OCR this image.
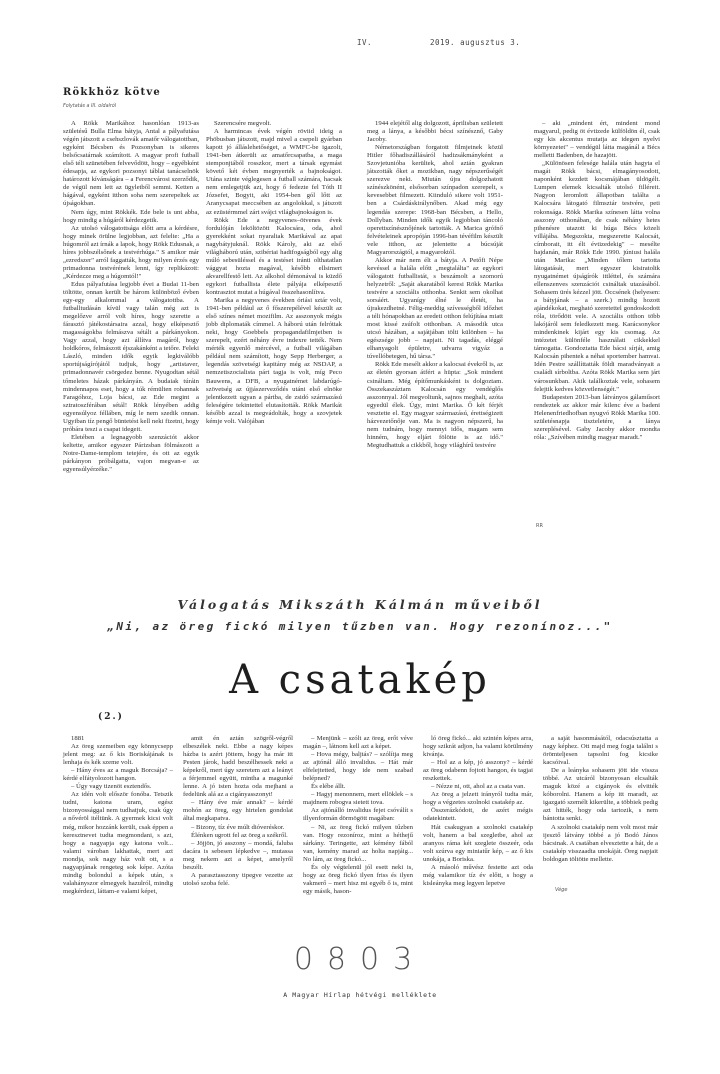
IV.	2019. augusztus 3.
Rökkhöz kötve
Folytatás a III. oldalról

A Rökk Marikához hasonlóan 1913-as születésű Bulla Elma bátyja, Antal a pályafutása végén játszott a csehszlovák amatőr válogatottban, egyként Bécsben és Pozsonyban is sikeres belsőcsatárnak számított. A magyar profi futball első téli szünetében felvevődött, hogy – egyébként édesapja, az egykori pozsonyi táblai tanácselnök határozott kívánságára – a Ferencvárosi szerződik, de végül nem lett az ügyletből semmi. Ketten a hágával, egyként itthon soha nem szerepeltek az újságokban.

Nem úgy, mint Rökkék. Ede bele is unt abba, hogy mindig a húgáról kérdezgetik.

Az utolsó válogatottsága előtt arra a kérdésre, hogy minek örülne legjobban, azt felelte: „Ha a húgomról azt írnák a lapok, hogy Rökk Edusnak, a híres jobbszélsőnek a testvérhúga." S amikor már „ezredszer" arról faggatták, hogy milyen érzés egy primadonna testvérének lenni, így replikázott: „Kérdezze meg a húgomtól!"

Edus pályafutása legjobb évei a Budai 11-ben töltötte, onnan került be három különböző évben egy-egy alkalommal a válogatottba. A futballtudásán kívül vagy talán még azt is megelőzve arról volt híres, hogy szerette a fárasztó játékostársaira azzal, hogy elképesztő magasságokba felmászva sétált a párkányokon. Vagy azzal, hogy azt állítva magáról, hogy holdkóros, felmászott éjszakánként a tetőre. Feleki László, minden idők egyik legkiválóbb sportújságírójától tudjuk, hogy „artistaver, primadonnavér csörgedez benne. Nyugodtan sétál tőmeletes házak párkányán. A budaiak túráin mindennapos eset, hogy a túk rémülten rohannak Faragóhoz, Loja bácsi, az Ede megint a sztratoszférában sétál! Rökk lényében addig egyensúlyoz félláben, míg le nem szedik onnan. Ugyiban tíz pengő büntetést kell neki fizetni, hogy próbára teszi a csapat idegeit.

Eletében a legnagyobb szenzációt akkor keltette, amikor egyszer Párizsban fölmászott a Notre-Dame-templom tetejére, és ott az egyik párkányon próbálgatta, vajon megvan-e az egyensúlyérzéke."

Szerencsére megvolt.

A harmincas évek végén röviid ideig a Phöbusban játszott, majd mivel a csepeli gyárban kapott jó álláslehetőséget, a WMFC-be igazolt, 1941-ben átkerült az amatőrcsapatba, a maga stemponjtából rosszkor, mert a társak egymást követő két évben megnyerték a bajnokságot. Utána szinte véglegesen a futball számára, hacsak nem emlegetjük azt, hogy ő fedezte fel Tóth II Józsefet, Bogyit, aki 1954-ben gól lőtt az Aranycsapat meccsében az angolokkal, s játszott az ezüstérmmel zárt svájci világbajnokságon is.

Rökk Ede a negyvenes–ötvenes évek fordulóján leköltözött Kalocsára, oda, ahol gyerekként sokat nyaraltak Marikával az apai nagybátyjuknál. Rökk Károly, aki az első világháború után, szibériai hadifogságból egy alig múló sebesüléssel és a testéset iránti olthatatlan vággyat hozta magával, később ellsimert akvarellfestő lett. Az alkohol démonával is küzdő egykori futballista élete pályája elképesztő kontrasztot mutat a húgával összehasonlítva.

Marika a negyvenes években óriási sztár volt, 1941-ben például az ő főszerepélével készült az első színes német mozifilm. Az asszonyok mégis jobb diplomaták címmel. A háború után felróttak neki, hogy Goebbels propagandafilmjeiben is szerepelt, ezért néhány évre indexre tették. Nem mérték egyenlő mércével, a futball világában például nem számított, hogy Sepp Herberger, a legendás szövetségi kapitány még az NSDAP, a nemzetiszocialista párt tagja is volt, míg Peco Bauwens, a DFB, a nyugatnémet labdarúgó-szövetség az újjászerveződés utáni első elnöke jelentkezett ugyan a pártba, de zsidó származású feleségére tekintettel elutasították. Rökk Marikát később azzal is megvádolták, hogy a szovjetek kémje volt. Valójában

1944 elejétől alig dolgozott, áprilisban született meg a lánya, a későbbi bécsi színésznő, Gaby Jacoby.

Németországban forgatott filmjeinek közül Hitler főhadiszállásáról hadizsákmányként a Szovjetunióba kerültek, ahol aztán gyakran játszották őket a mozikban, nagy népszerűségét szerezve neki. Miután újra dolgozhatott színészkönént, elsősorban színpadon szerepelt, s kevesebbet filmezett. Kiinduló sikere volt 1951-ben a Csárdáskirálynőben. Akad még egy legendás szerepe: 1968-ban Bécsben, a Hello, Dollyban. Minden idők egyik legjobban táncoló operettszínésznőjének tartották. A Marica grófnő felvételeinek apropóján 1996-ban tévéfilm készült vele itthon, az jelentette a búcsúját Magyarországtól, a magyaroktól.

Akkor már nem élt a bátyja. A Petőfi Népe kevéssel a halála előtt „megtalálta" az egykori válogatott futballistát, s beszámolt a szomorú helyzetről: „Saját akaratából keresi Rökk Marika testvére a szociális otthonba. Senkit sem okolhat sorsáért. Ugyanígy élné le életét, ha újrakezdhetné. Félig-meddig szívességből időzhet a téli hónapokban az eredeti otthon felújítása miatt most kissé zsúfolt otthonban. A második utca utcsó házában, a sajátjában tölti különben – ha egészsége jobb – napjait. Ni tagadás, eléggé elhanyagolt épületre, udvarra vigyáz a túvellóbetegen, hű társa."

Rökk Ede mesélt akkor a kalocsai évekről is, az az életén gyorsan átfért a hüpta: „Sok mindent csináltam. Még építőmunkásként is dolgoztam. Összekaszáztam Kalocsán egy vendéglős asszonnyal. Jól megvoltunk, sajnos meghalt, azóta egyedül élek. Úgy, mint Marika. Ő két férjét vesztette el. Egy magyar származású, érettségizett házvezetőnője van. Ma is nagyon népszerű, ha nem tudnám, hogy mennyi idős, magam sem hinném, hogy eljárt fölötte is az idő." Megtudhattuk a cikkből, hogy világhírű testvére

– aki „mindent ért, mindent mond magyarul, pedig öt évtizede külföldön él, csak egy kis akcentus mutatja az idegen nyelvi környezetet" – vendégül látta magánál a Bécs melletti Badenben, de hazajött.

„Különösen felesége halála után hagyta el magát Rökk bácsi, elmagányosodott, naponként kezdett kocsmájában üldögélt. Lumpen elemek kicsalták utolsó filléreit. Nagyon leromlott állapotban találta a Kalocsára látogató filmsztár testvére, peti rokonsága. Rökk Marika színesen látta volna asszony otthonában, de csak néhány hetes pihenésre utazott ki húga Bécs közeli villájába. Megszokta, megszerette Kalocsát, címborait, itt élt évtizedekig" – mesélte hajdanán, már Rökk Ede 1990. júniusi halála után Marika: „Minden tőlem tartotta látogatását, mert egyszer kisiratoltk nyugatnémet újságírók ittléttel, és számára ellenszenves szenzációt csináltak utazásából. Sohasem ürés kézzel jött. Öccsének (helyesen: a bátyjának – a szerk.) mindig hozott ajándékokat, megható szeretettel gondoskodott róla, törődött vele. A szociális otthon több lakójáról sem feledkezett meg. Karácsonykor mindenkinek kijárt egy kis csomag. Az intézetet különféle használati cikkekkel támogatta. Gondoztatta Ede bácsi sírját, amig Kalocsán pihentek a néhai sportember hamvai. Idén Pestre szállíttatták földi maradványait a családi sírboltba. Azóta Rökk Marika sem járt városunkban. Akik találkoztak vele, sohasem felejtik kedves közvetlenségét."

Budapesten 2013-ban látványos gálaműsort rendeztek az akkor már kilenc éve a badeni Helenenfriedhofban nyugvó Rökk Marika 100. születésnapja tiszteletére, a lánya szereplésével. Gaby Jacoby akkor mondta róla: „Szívében mindig magyar maradt."

RR
Válogatás Mikszáth Kálmán műveiből
„Ni, az öreg fickó milyen tűzben van. Hogy rezonínoz..."
A csatakép
(2.)

1881

Az öreg szemeiben egy könnycsepp jelent meg: az ő kis Boriskájának is lenhaja és kék szeme volt.

– Hány éves az a maguk Borcsája? – kérdé elfátyolozott hangon.

– Úgy vagy tizenöt esztendős.

Az idén volt először fonóba. Tetszik tudni, katona uram, egész bizonyossággal nem tudhatjuk, csak úgy a nővéröl itéltünk. A gyermek kicsi volt még, mikor hozzánk került, csak éppen a keresztnevet tudta megmondani, s azt, hogy a nagyapja egy katona volt... valami vároban lakhattak, mert azt mondja, sok nagy ház volt ott, s a nagyapjának rengeteg sok képe. Azóta mindig bolondul a képek után, s valahányszor elmegyek hazulról, mindig megkérdezi, láttam-e valami képet,

amit én aztán szögről-végről elbeszélek neki. Ebbe a nagy képes házba is azért jöttem, hogy ha már itt Pesten járok, hadd beszélhessek neki a képekről, mert úgy szeretem azt a leányt a férjemmel együtt, mintha a magunké lenne. A jó isten hozta oda mejhani a fedelünk alá az a cigányasszonyt!

– Hány éve már annak? – kérdé mohón az öreg, egy hirtelen gondolat által megkapatva.

– Bizony, tíz éve múlt dióveréskor.

Élénken ugrott fel az öreg a székről.

– Jöjjön, jó asszony – mondá, faluba dacára is sebesen lépkedve –, mutassa meg nekem azt a képet, amelyről beszélt.

A parasztasszony tipegve vezette az utolsó szoba felé.

– Menjünk – szólt az öreg, erőt véve magán –, látnom kell azt a képet.

– Hova mégy, baljtás? – szólítja meg az ajtónál álló invalidus. – Hát már elfelejtetted, hogy ide nem szabad belépned?

És elébe állt.

– Hagyj menonnem, mert ellöklek – s majdnem robogva sietett tova.

Az ajtónálló invalidus fejet csóválít s illyenformán dörmögött magában:

– Ni, az öreg fickó milyen tűzben van. Hogy rezoníroz, mint a héthejű sárkány. Teringette, azt kémény fából van, kemény marad az holta napjáig... No lám, az öreg fickó...

És oly végtelenül jól esett neki is, hogy az öreg fickó ilyen friss és ilyen vakmerő – mert hisz mi egyéb ő is, mint egy másik, hason-

ló öreg fickó... aki szintén képes arra, hogy szikrát adjon, ha valami körülmény kivánja.

– Hol az a kép, jó asszony? – kérdé az öreg odabenn fojtott hangon, és tagjai reszkettek.

– Nézze ni, ott, ahol az a csata van.

Az öreg a jelzett irányról tudta már, hogy a végzetes szolnoki csatakép az.

Összerázkódott, de azért mégis odatekintett.

Hát csakugyan a szolnoki csatakép volt, hanem a bal szegletbe, ahol az aranyos ráma két szeglete összeér, oda volt szúrva egy miniatűr kép, – az ő kis unokája, a Boriska.

A másoló művész festette azt oda még valamikor tíz év előtt, s hogy a kisleányka meg legyen lepetve

a saját hasonmásától, odacsúsztatta a nagy képhez. Ott majd meg fogja találni s örömteljesen tapsolni fog kicsike kacsóival.

De a leányka sohasem jött ide vissza többé. Az utcáról bizonyosan elcsalták maguk közé a cigányok és elvitték kóborolni. Hanem a kép itt maradt, az igazgató személt kikerülte, a többiek pedig azt hitték, hogy oda tartozik, s nem bántotta senki.

A szolnoki csatakép nem volt most már ijesztő látvány többé a jó Bodó János bácsinak. A csatában elvesztette a hát, de a csatakép visszaadta unokáját. Öreg napjait boldogan töltötte mellette.

Vége
0803
A Magyar Hírlap hétvégi melléklete
